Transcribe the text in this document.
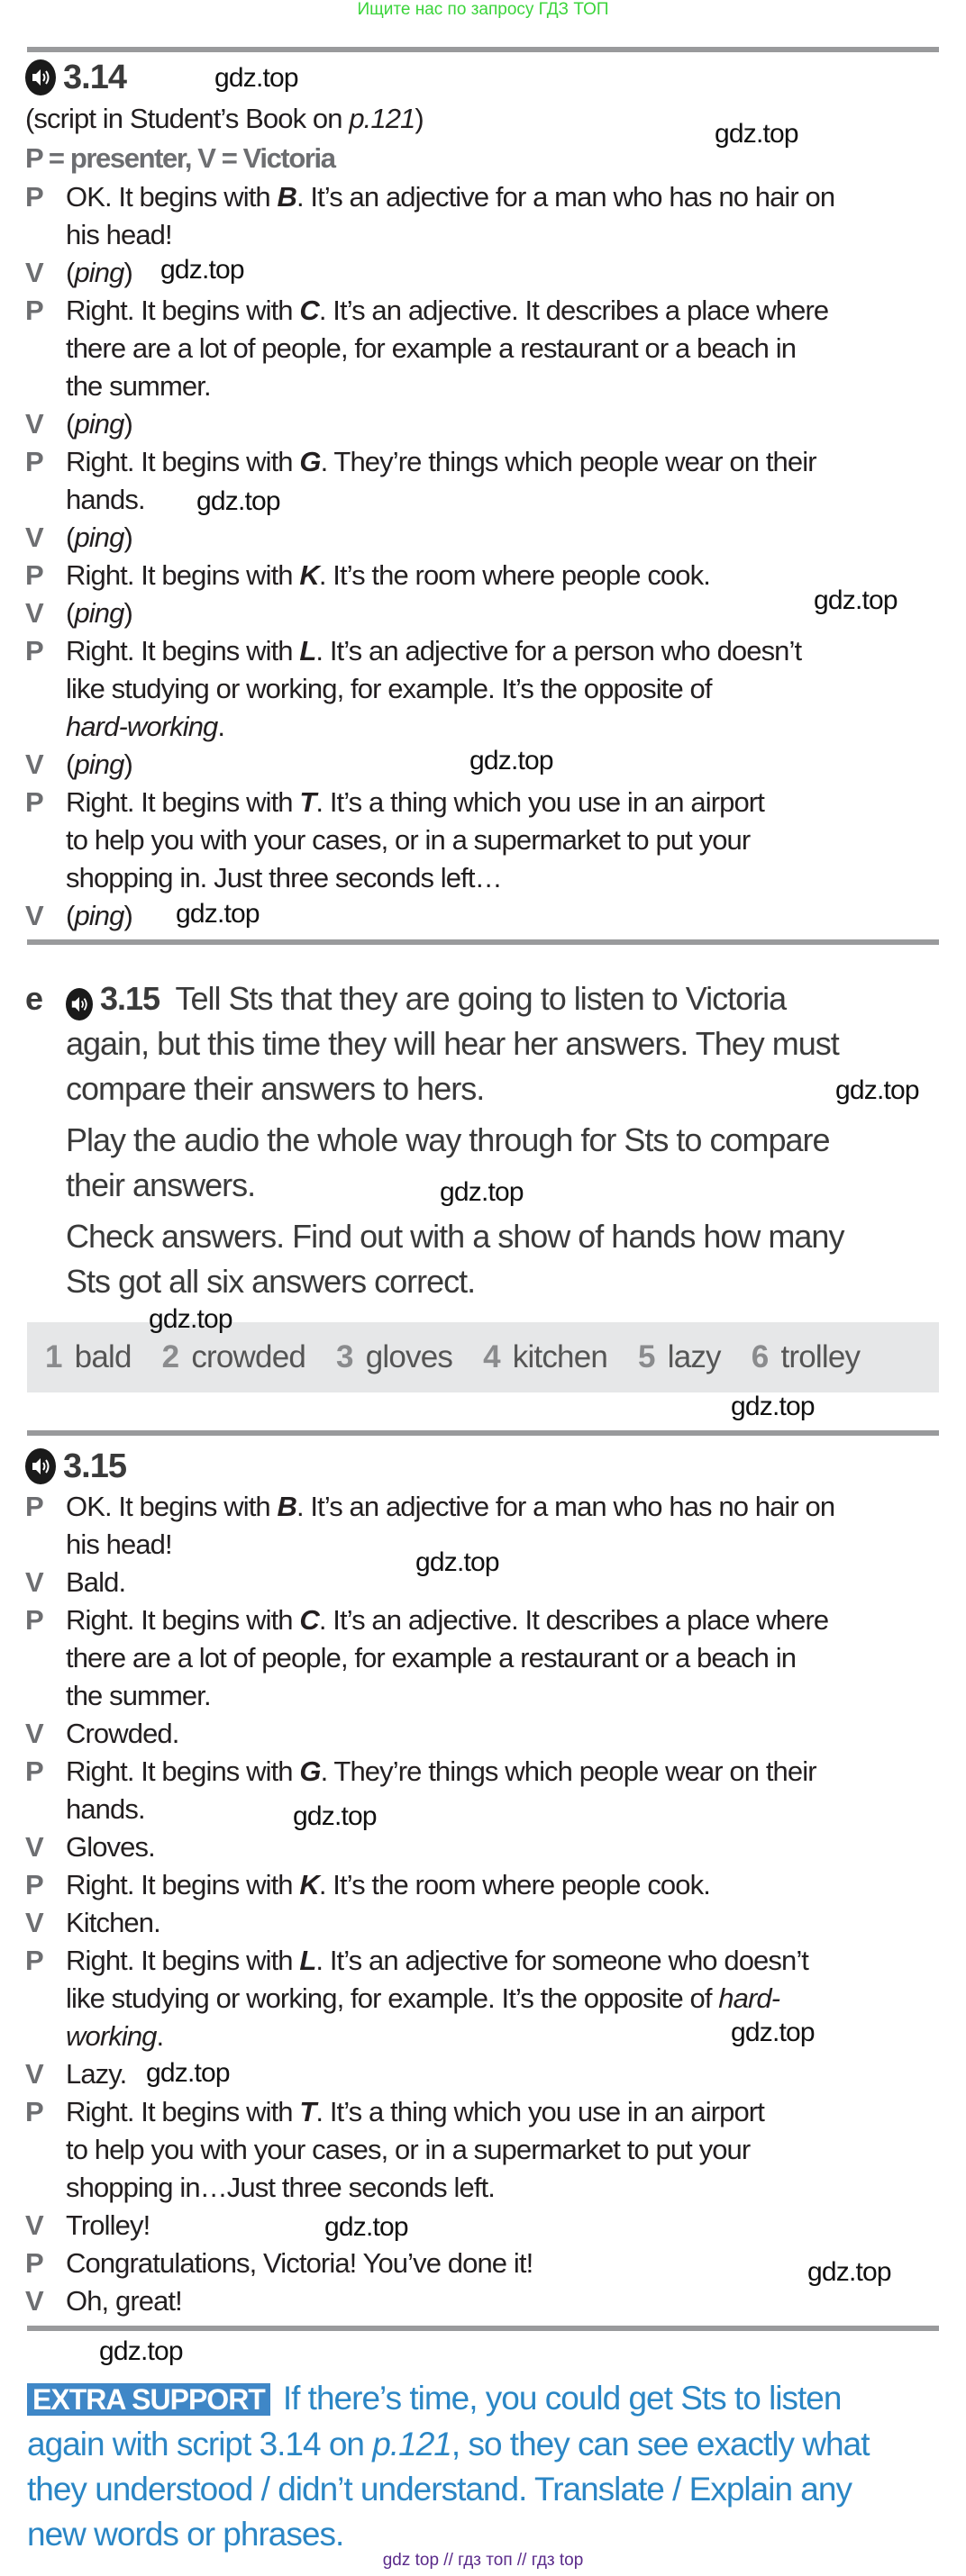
Ищите нас по запросу ГДЗ ТОП
3.14
(script in Student’s Book on p.121)
P = presenter, V = Victoria
P OK. It begins with B. It’s an adjective for a man who has no hair on
his head!
V (ping)
P Right. It begins with C. It’s an adjective. It describes a place where
there are a lot of people, for example a restaurant or a beach in
the summer.
V (ping)
P Right. It begins with G. They’re things which people wear on their
hands.
V (ping)
P Right. It begins with K. It’s the room where people cook.
V (ping)
P Right. It begins with L. It’s an adjective for a person who doesn’t
like studying or working, for example. It’s the opposite of
hard-working.
V (ping)
P Right. It begins with T. It’s a thing which you use in an airport
to help you with your cases, or in a supermarket to put your
shopping in. Just three seconds left…
V (ping)
e	3.15 Tell Sts that they are going to listen to Victoria
again, but this time they will hear her answers. They must
compare their answers to hers.
Play the audio the whole way through for Sts to compare
their answers.
Check answers. Find out with a show of hands how many
Sts got all six answers correct.
1 bald 2 crowded 3 gloves 4 kitchen 5 lazy 6 trolley
3.15
P OK. It begins with B. It’s an adjective for a man who has no hair on
his head!
V Bald.
P Right. It begins with C. It’s an adjective. It describes a place where
there are a lot of people, for example a restaurant or a beach in
the summer.
V Crowded.
P Right. It begins with G. They’re things which people wear on their
hands.
V Gloves.
P Right. It begins with K. It’s the room where people cook.
V Kitchen.
P Right. It begins with L. It’s an adjective for someone who doesn’t
like studying or working, for example. It’s the opposite of hard-
working.
V Lazy.
P Right. It begins with T. It’s a thing which you use in an airport
to help you with your cases, or in a supermarket to put your
shopping in…Just three seconds left.
V Trolley!
P Congratulations, Victoria! You’ve done it!
V Oh, great!
EXTRA SUPPORT If there’s time, you could get Sts to listen
again with script 3.14 on p.121, so they can see exactly what
they understood / didn’t understand. Translate / Explain any
new words or phrases.
gdz.top
gdz.top
gdz.top
gdz.top
gdz.top
gdz.top
gdz.top
gdz.top
gdz.top
gdz.top
gdz.top
gdz.top
gdz.top
gdz.top
gdz.top
gdz.top
gdz.top
gdz.top
gdz top // гдз топ // гдз top
